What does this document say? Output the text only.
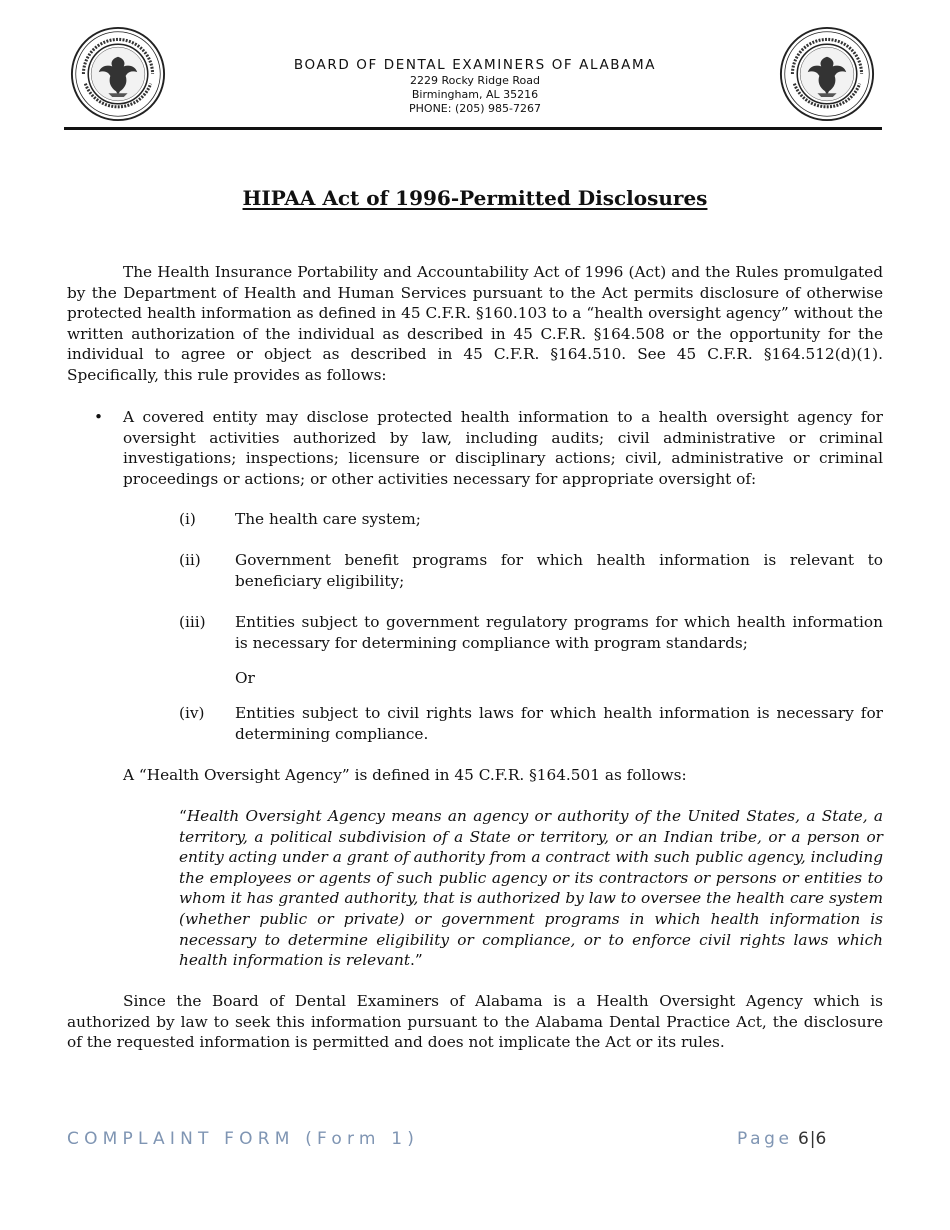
BOARD OF DENTAL EXAMINERS OF ALABAMA
2229 Rocky Ridge Road
Birmingham, AL 35216
PHONE: (205) 985-7267
HIPAA Act of 1996-Permitted Disclosures

The Health Insurance Portability and Accountability Act of 1996 (Act) and the Rules promulgated by the Department of Health and Human Services pursuant to the Act permits disclosure of otherwise protected health information as defined in 45 C.F.R. §160.103 to a “health oversight agency” without the written authorization of the individual as described in 45 C.F.R. §164.508 or the opportunity for the individual to agree or object as described in 45 C.F.R. §164.510. See 45 C.F.R. §164.512(d)(1). Specifically, this rule provides as follows:

• A covered entity may disclose protected health information to a health oversight agency for oversight activities authorized by law, including audits; civil administrative or criminal investigations; inspections; licensure or disciplinary actions; civil, administrative or criminal proceedings or actions; or other activities necessary for appropriate oversight of:

(i)	The health care system;

(ii)	Government benefit programs for which health information is relevant to beneficiary eligibility;

(iii)	Entities subject to government regulatory programs for which health information is necessary for determining compliance with program standards;

Or
(iv)	Entities subject to civil rights laws for which health information is necessary for determining compliance.

A “Health Oversight Agency” is defined in 45 C.F.R. §164.501 as follows:

“Health Oversight Agency means an agency or authority of the United States, a State, a territory, a political subdivision of a State or territory, or an Indian tribe, or a person or entity acting under a grant of authority from a contract with such public agency, including the employees or agents of such public agency or its contractors or persons or entities to whom it has granted authority, that is authorized by law to oversee the health care system (whether public or private) or government programs in which health information is necessary to determine eligibility or compliance, or to enforce civil rights laws which health information is relevant.”

Since the Board of Dental Examiners of Alabama is a Health Oversight Agency which is authorized by law to seek this information pursuant to the Alabama Dental Practice Act, the disclosure of the requested information is permitted and does not implicate the Act or its rules.

COMPLAINT FORM (Form 1)	Page 6|6
